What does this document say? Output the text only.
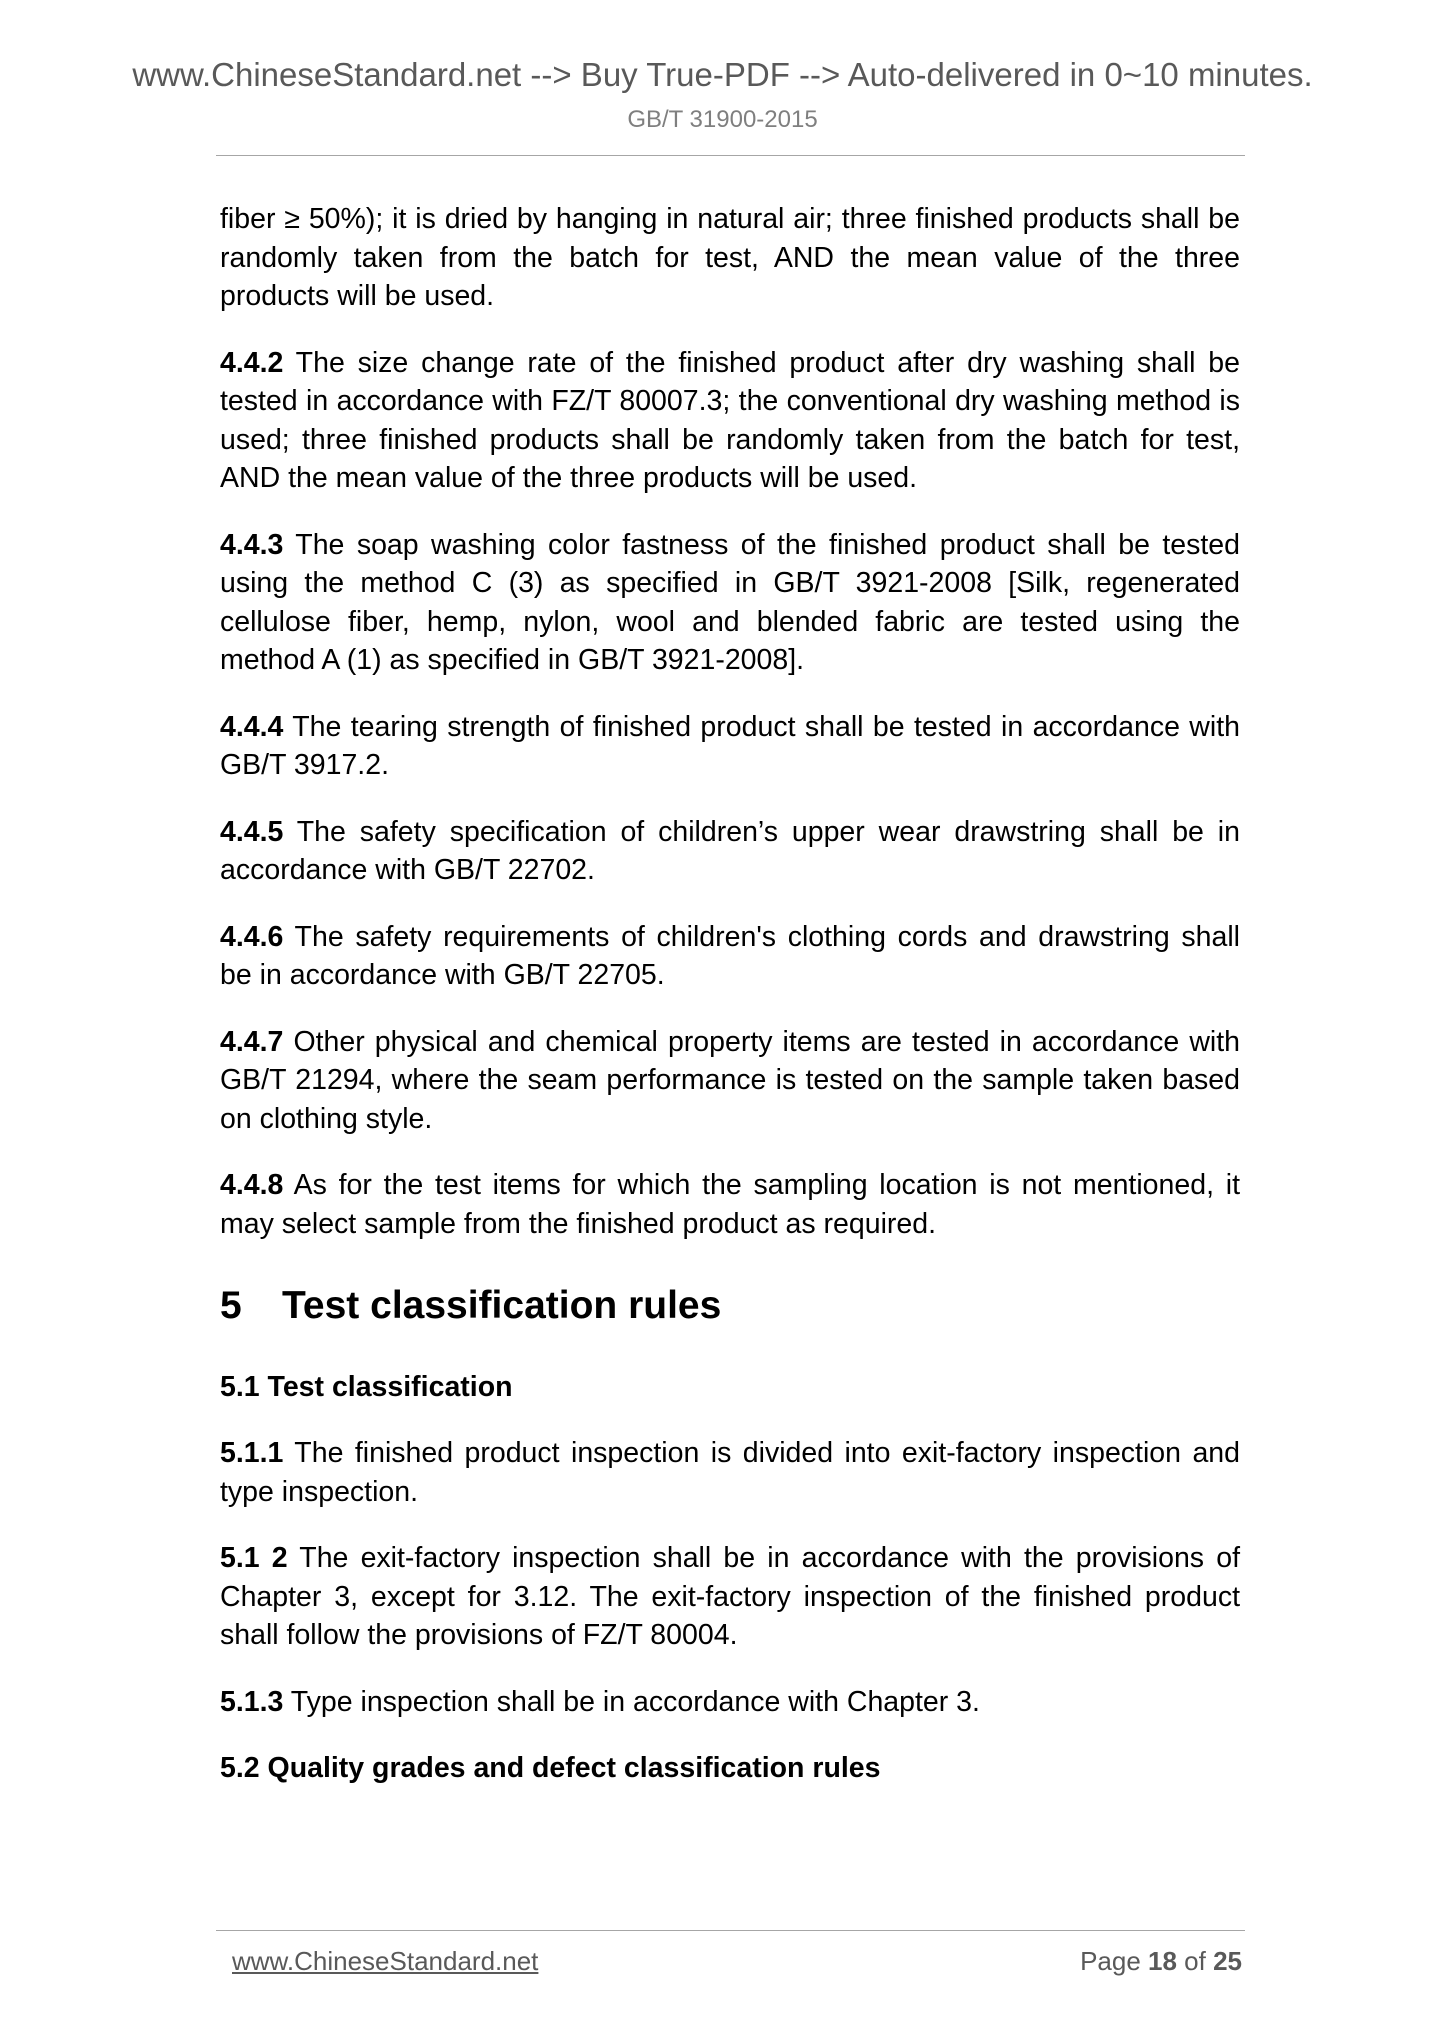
www.ChineseStandard.net --> Buy True-PDF --> Auto-delivered in 0~10 minutes.
GB/T 31900-2015

fiber ≥ 50%); it is dried by hanging in natural air; three finished products shall be randomly taken from the batch for test, AND the mean value of the three products will be used.

4.4.2 The size change rate of the finished product after dry washing shall be tested in accordance with FZ/T 80007.3; the conventional dry washing method is used; three finished products shall be randomly taken from the batch for test, AND the mean value of the three products will be used.

4.4.3 The soap washing color fastness of the finished product shall be tested using the method C (3) as specified in GB/T 3921-2008 [Silk, regenerated cellulose fiber, hemp, nylon, wool and blended fabric are tested using the method A (1) as specified in GB/T 3921-2008].

4.4.4 The tearing strength of finished product shall be tested in accordance with GB/T 3917.2.

4.4.5 The safety specification of children’s upper wear drawstring shall be in accordance with GB/T 22702.

4.4.6 The safety requirements of children's clothing cords and drawstring shall be in accordance with GB/T 22705.

4.4.7 Other physical and chemical property items are tested in accordance with GB/T 21294, where the seam performance is tested on the sample taken based on clothing style.

4.4.8 As for the test items for which the sampling location is not mentioned, it may select sample from the finished product as required.

5 Test classification rules
5.1 Test classification

5.1.1 The finished product inspection is divided into exit-factory inspection and type inspection.

5.1 2 The exit-factory inspection shall be in accordance with the provisions of Chapter 3, except for 3.12. The exit-factory inspection of the finished product shall follow the provisions of FZ/T 80004.

5.1.3 Type inspection shall be in accordance with Chapter 3.

5.2 Quality grades and defect classification rules
www.ChineseStandard.net	Page 18 of 25
